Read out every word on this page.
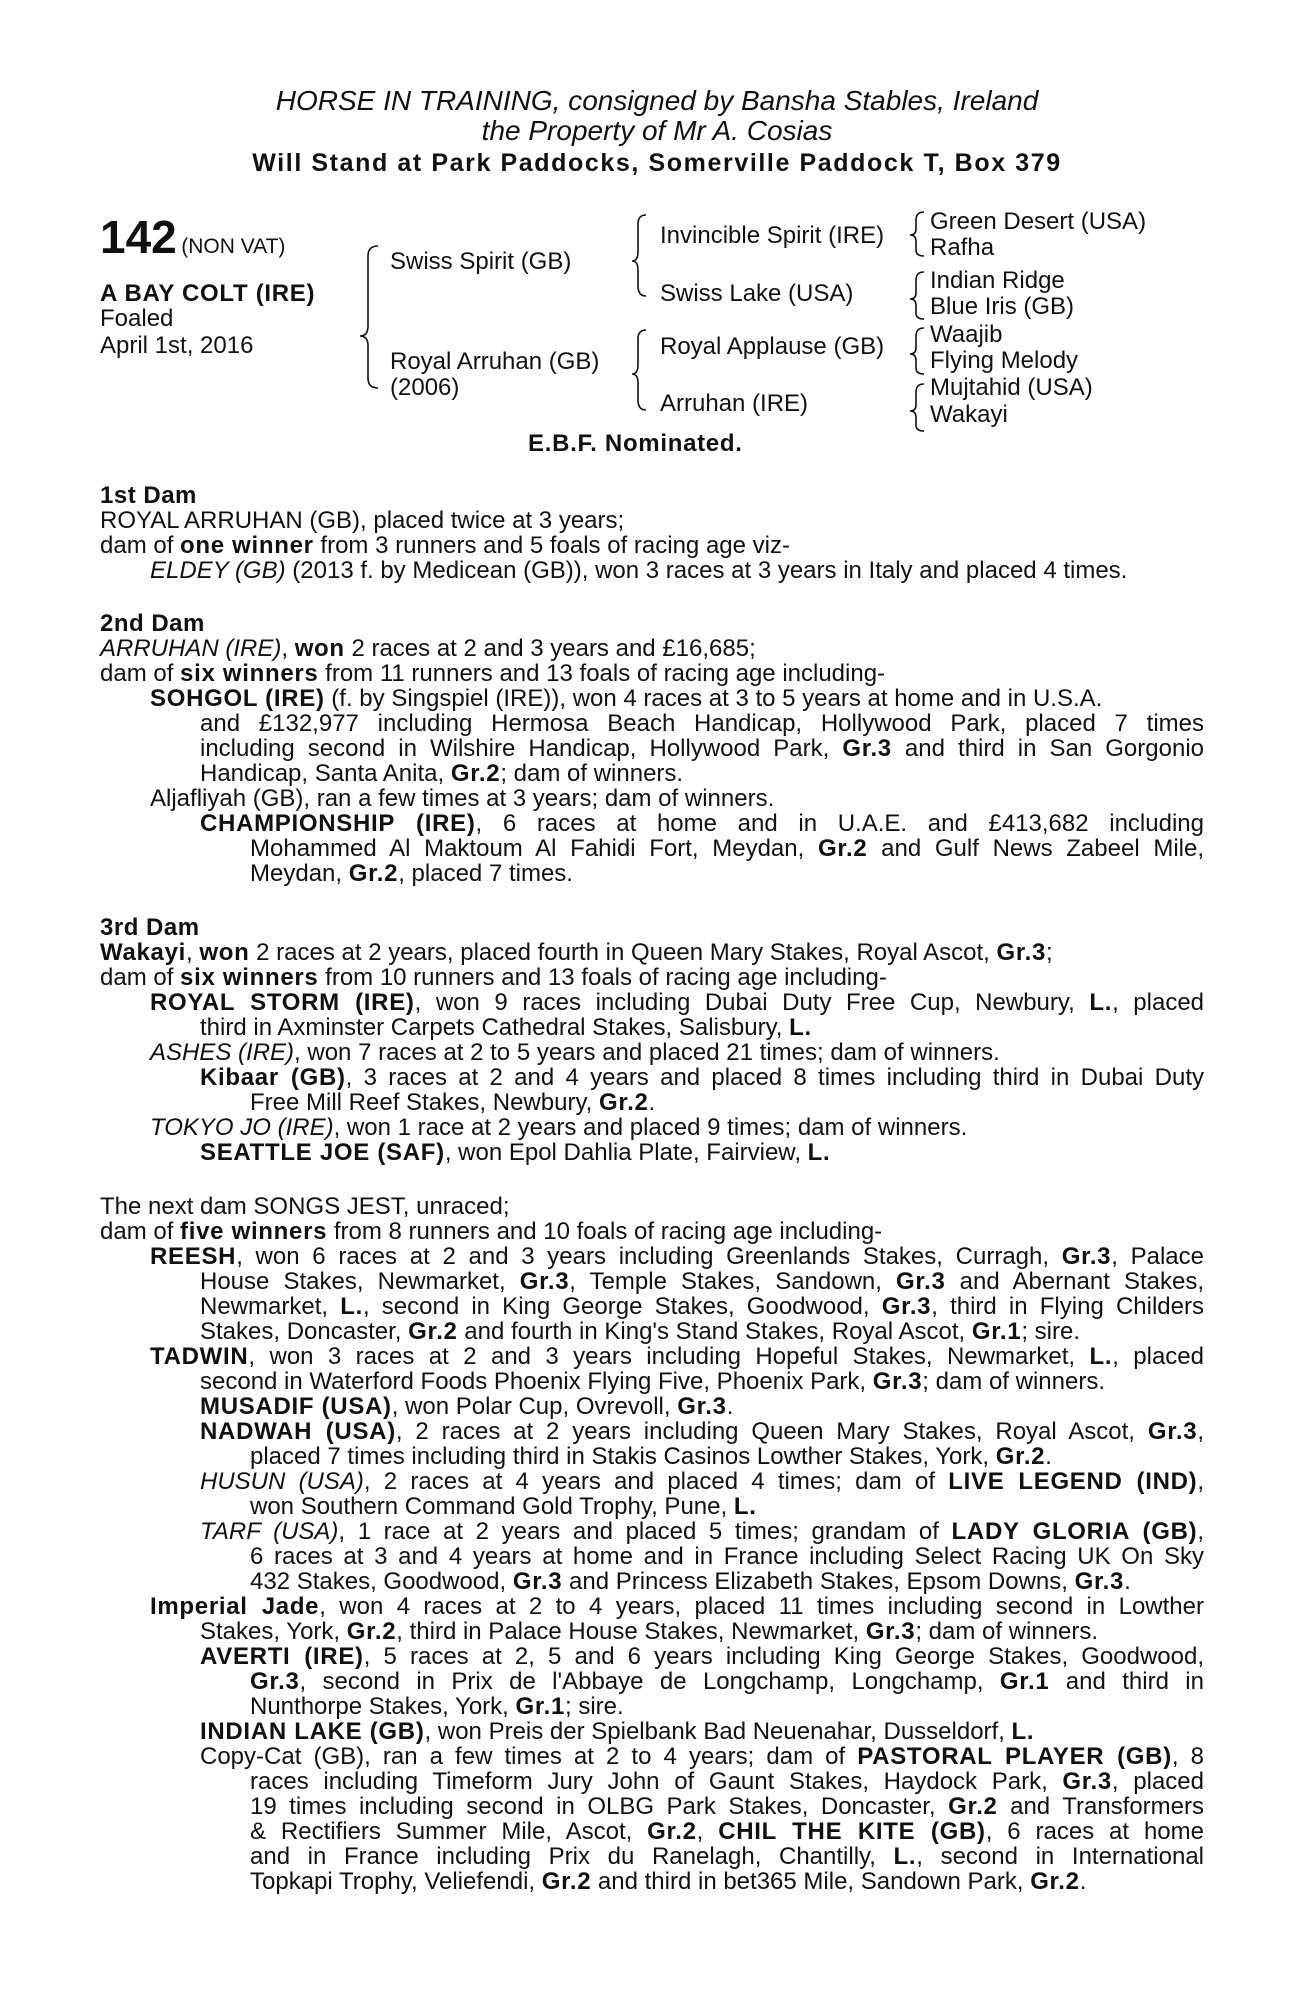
HORSE IN TRAINING, consigned by Bansha Stables, Ireland
the Property of Mr A. Cosias
Will Stand at Park Paddocks, Somerville Paddock T, Box 379
142 (NON VAT)
A BAY COLT (IRE)
Foaled
April 1st, 2016
Swiss Spirit (GB)
Royal Arruhan (GB)
(2006)
Invincible Spirit (IRE)
Swiss Lake (USA)
Royal Applause (GB)
Arruhan (IRE)
Green Desert (USA)
Rafha
Indian Ridge
Blue Iris (GB)
Waajib
Flying Melody
Mujtahid (USA)
Wakayi
E.B.F. Nominated.
1st Dam
ROYAL ARRUHAN (GB), placed twice at 3 years;
dam of one winner from 3 runners and 5 foals of racing age viz-
ELDEY (GB) (2013 f. by Medicean (GB)), won 3 races at 3 years in Italy and placed 4 times.
2nd Dam
ARRUHAN (IRE), won 2 races at 2 and 3 years and £16,685;
dam of six winners from 11 runners and 13 foals of racing age including-
SOHGOL (IRE) (f. by Singspiel (IRE)), won 4 races at 3 to 5 years at home and in U.S.A.
and £132,977 including Hermosa Beach Handicap, Hollywood Park, placed 7 times
including second in Wilshire Handicap, Hollywood Park, Gr.3 and third in San Gorgonio
Handicap, Santa Anita, Gr.2; dam of winners.
Aljafliyah (GB), ran a few times at 3 years; dam of winners.
CHAMPIONSHIP (IRE), 6 races at home and in U.A.E. and £413,682 including
Mohammed Al Maktoum Al Fahidi Fort, Meydan, Gr.2 and Gulf News Zabeel Mile,
Meydan, Gr.2, placed 7 times.
3rd Dam
Wakayi, won 2 races at 2 years, placed fourth in Queen Mary Stakes, Royal Ascot, Gr.3;
dam of six winners from 10 runners and 13 foals of racing age including-
ROYAL STORM (IRE), won 9 races including Dubai Duty Free Cup, Newbury, L., placed
third in Axminster Carpets Cathedral Stakes, Salisbury, L.
ASHES (IRE), won 7 races at 2 to 5 years and placed 21 times; dam of winners.
Kibaar (GB), 3 races at 2 and 4 years and placed 8 times including third in Dubai Duty
Free Mill Reef Stakes, Newbury, Gr.2.
TOKYO JO (IRE), won 1 race at 2 years and placed 9 times; dam of winners.
SEATTLE JOE (SAF), won Epol Dahlia Plate, Fairview, L.
The next dam SONGS JEST, unraced;
dam of five winners from 8 runners and 10 foals of racing age including-
REESH, won 6 races at 2 and 3 years including Greenlands Stakes, Curragh, Gr.3, Palace
House Stakes, Newmarket, Gr.3, Temple Stakes, Sandown, Gr.3 and Abernant Stakes,
Newmarket, L., second in King George Stakes, Goodwood, Gr.3, third in Flying Childers
Stakes, Doncaster, Gr.2 and fourth in King's Stand Stakes, Royal Ascot, Gr.1; sire.
TADWIN, won 3 races at 2 and 3 years including Hopeful Stakes, Newmarket, L., placed
second in Waterford Foods Phoenix Flying Five, Phoenix Park, Gr.3; dam of winners.
MUSADIF (USA), won Polar Cup, Ovrevoll, Gr.3.
NADWAH (USA), 2 races at 2 years including Queen Mary Stakes, Royal Ascot, Gr.3,
placed 7 times including third in Stakis Casinos Lowther Stakes, York, Gr.2.
HUSUN (USA), 2 races at 4 years and placed 4 times; dam of LIVE LEGEND (IND),
won Southern Command Gold Trophy, Pune, L.
TARF (USA), 1 race at 2 years and placed 5 times; grandam of LADY GLORIA (GB),
6 races at 3 and 4 years at home and in France including Select Racing UK On Sky
432 Stakes, Goodwood, Gr.3 and Princess Elizabeth Stakes, Epsom Downs, Gr.3.
Imperial Jade, won 4 races at 2 to 4 years, placed 11 times including second in Lowther
Stakes, York, Gr.2, third in Palace House Stakes, Newmarket, Gr.3; dam of winners.
AVERTI (IRE), 5 races at 2, 5 and 6 years including King George Stakes, Goodwood,
Gr.3, second in Prix de l'Abbaye de Longchamp, Longchamp, Gr.1 and third in
Nunthorpe Stakes, York, Gr.1; sire.
INDIAN LAKE (GB), won Preis der Spielbank Bad Neuenahar, Dusseldorf, L.
Copy-Cat (GB), ran a few times at 2 to 4 years; dam of PASTORAL PLAYER (GB), 8
races including Timeform Jury John of Gaunt Stakes, Haydock Park, Gr.3, placed
19 times including second in OLBG Park Stakes, Doncaster, Gr.2 and Transformers
& Rectifiers Summer Mile, Ascot, Gr.2, CHIL THE KITE (GB), 6 races at home
and in France including Prix du Ranelagh, Chantilly, L., second in International
Topkapi Trophy, Veliefendi, Gr.2 and third in bet365 Mile, Sandown Park, Gr.2.
